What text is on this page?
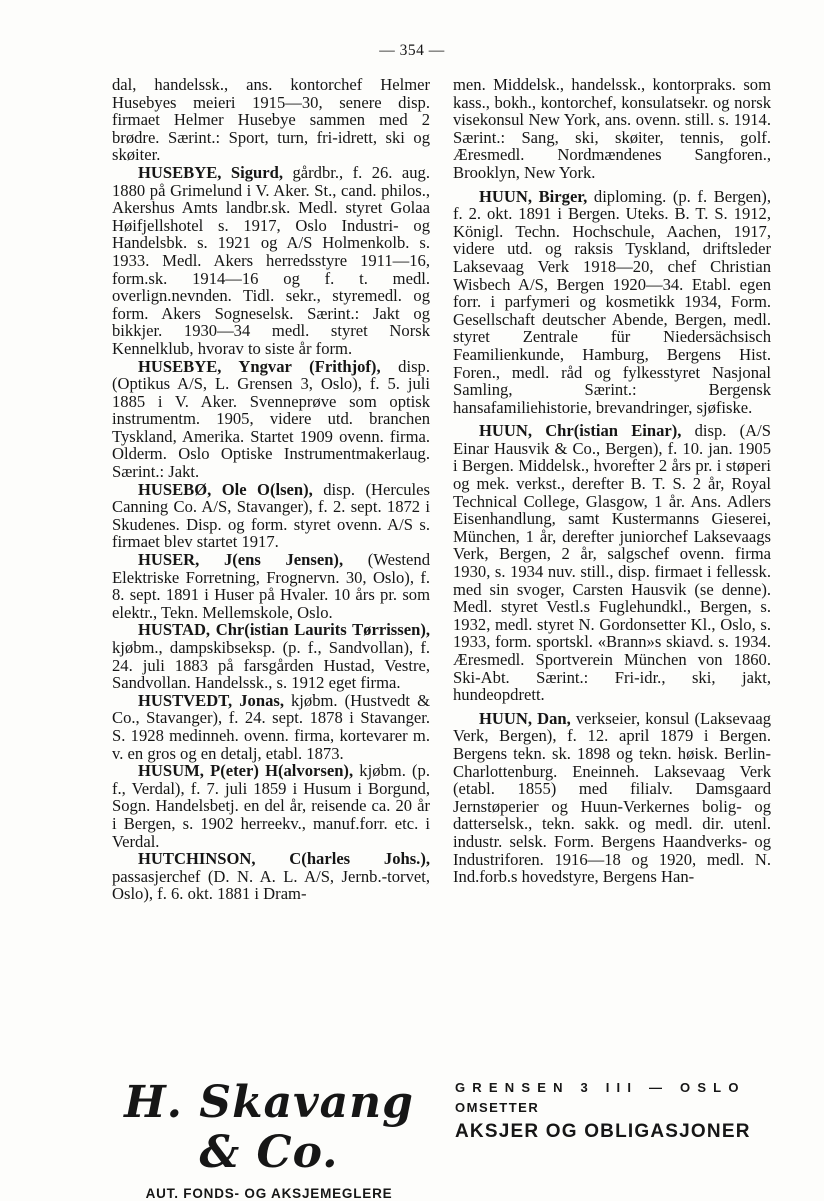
— 354 —

dal, handelssk., ans. kontorchef Helmer Husebyes meieri 1915—30, senere disp. firmaet Helmer Husebye sammen med 2 brødre. Særint.: Sport, turn, fri-idrett, ski og skøiter.

HUSEBYE, Sigurd, gårdbr., f. 26. aug. 1880 på Grimelund i V. Aker. St., cand. philos., Akershus Amts landbr.sk. Medl. styret Golaa Høifjellshotel s. 1917, Oslo Industri- og Handelsbk. s. 1921 og A/S Holmenkolb. s. 1933. Medl. Akers herredsstyre 1911—16, form.sk. 1914—16 og f. t. medl. overlign.nevnden. Tidl. sekr., styremedl. og form. Akers Sogneselsk. Særint.: Jakt og bikkjer. 1930—34 medl. styret Norsk Kennelklub, hvorav to siste år form.

HUSEBYE, Yngvar (Frithjof), disp. (Optikus A/S, L. Grensen 3, Oslo), f. 5. juli 1885 i V. Aker. Svenneprøve som optisk instrumentm. 1905, videre utd. branchen Tyskland, Amerika. Startet 1909 ovenn. firma. Olderm. Oslo Optiske Instrumentmakerlaug. Særint.: Jakt.

HUSEBØ, Ole O(lsen), disp. (Hercules Canning Co. A/S, Stavanger), f. 2. sept. 1872 i Skudenes. Disp. og form. styret ovenn. A/S s. firmaet blev startet 1917.

HUSER, J(ens Jensen), (Westend Elektriske Forretning, Frognervn. 30, Oslo), f. 8. sept. 1891 i Huser på Hvaler. 10 års pr. som elektr., Tekn. Mellemskole, Oslo.

HUSTAD, Chr(istian Laurits Tørrissen), kjøbm., dampskibseksp. (p. f., Sandvollan), f. 24. juli 1883 på farsgården Hustad, Vestre, Sandvollan. Handelssk., s. 1912 eget firma.

HUSTVEDT, Jonas, kjøbm. (Hustvedt & Co., Stavanger), f. 24. sept. 1878 i Stavanger. S. 1928 medinneh. ovenn. firma, kortevarer m. v. en gros og en detalj, etabl. 1873.

HUSUM, P(eter) H(alvorsen), kjøbm. (p. f., Verdal), f. 7. juli 1859 i Husum i Borgund, Sogn. Handelsbetj. en del år, reisende ca. 20 år i Bergen, s. 1902 herreekv., manuf.forr. etc. i Verdal.

HUTCHINSON, C(harles Johs.), passasjerchef (D. N. A. L. A/S, Jernb.-torvet, Oslo), f. 6. okt. 1881 i Dram-

men. Middelsk., handelssk., kontorpraks. som kass., bokh., kontorchef, konsulatsekr. og norsk visekonsul New York, ans. ovenn. still. s. 1914. Særint.: Sang, ski, skøiter, tennis, golf. Æresmedl. Nordmændenes Sangforen., Brooklyn, New York.

HUUN, Birger, diploming. (p. f. Bergen), f. 2. okt. 1891 i Bergen. Uteks. B. T. S. 1912, Königl. Techn. Hochschule, Aachen, 1917, videre utd. og raksis Tyskland, driftsleder Laksevaag Verk 1918—20, chef Christian Wisbech A/S, Bergen 1920—34. Etabl. egen forr. i parfymeri og kosmetikk 1934, Form. Gesellschaft deutscher Abende, Bergen, medl. styret Zentrale für Niedersächsisch Feamilienkunde, Hamburg, Bergens Hist. Foren., medl. råd og fylkesstyret Nasjonal Samling, Særint.: Bergensk hansafamiliehistorie, brevandringer, sjøfiske.

HUUN, Chr(istian Einar), disp. (A/S Einar Hausvik & Co., Bergen), f. 10. jan. 1905 i Bergen. Middelsk., hvorefter 2 års pr. i støperi og mek. verkst., derefter B. T. S. 2 år, Royal Technical College, Glasgow, 1 år. Ans. Adlers Eisenhandlung, samt Kustermanns Gieserei, München, 1 år, derefter juniorchef Laksevaags Verk, Bergen, 2 år, salgschef ovenn. firma 1930, s. 1934 nuv. still., disp. firmaet i fellessk. med sin svoger, Carsten Hausvik (se denne). Medl. styret Vestl.s Fuglehundkl., Bergen, s. 1932, medl. styret N. Gordonsetter Kl., Oslo, s. 1933, form. sportskl. «Brann»s skiavd. s. 1934. Æresmedl. Sportverein München von 1860. Ski-Abt. Særint.: Fri-idr., ski, jakt, hundeopdrett.

HUUN, Dan, verkseier, konsul (Laksevaag Verk, Bergen), f. 12. april 1879 i Bergen. Bergens tekn. sk. 1898 og tekn. høisk. Berlin-Charlottenburg. Eneinneh. Laksevaag Verk (etabl. 1855) med filialv. Damsgaard Jernstøperier og Huun-Verkernes bolig- og datterselsk., tekn. sakk. og medl. dir. utenl. industr. selsk. Form. Bergens Haandverks- og Industriforen. 1916—18 og 1920, medl. N. Ind.forb.s hovedstyre, Bergens Han-

H. Skavang & Co.
AUT. FONDS- OG AKSJEMEGLERE
GRENSEN 3 III — OSLO
OMSETTER
AKSJER OG OBLIGASJONER
